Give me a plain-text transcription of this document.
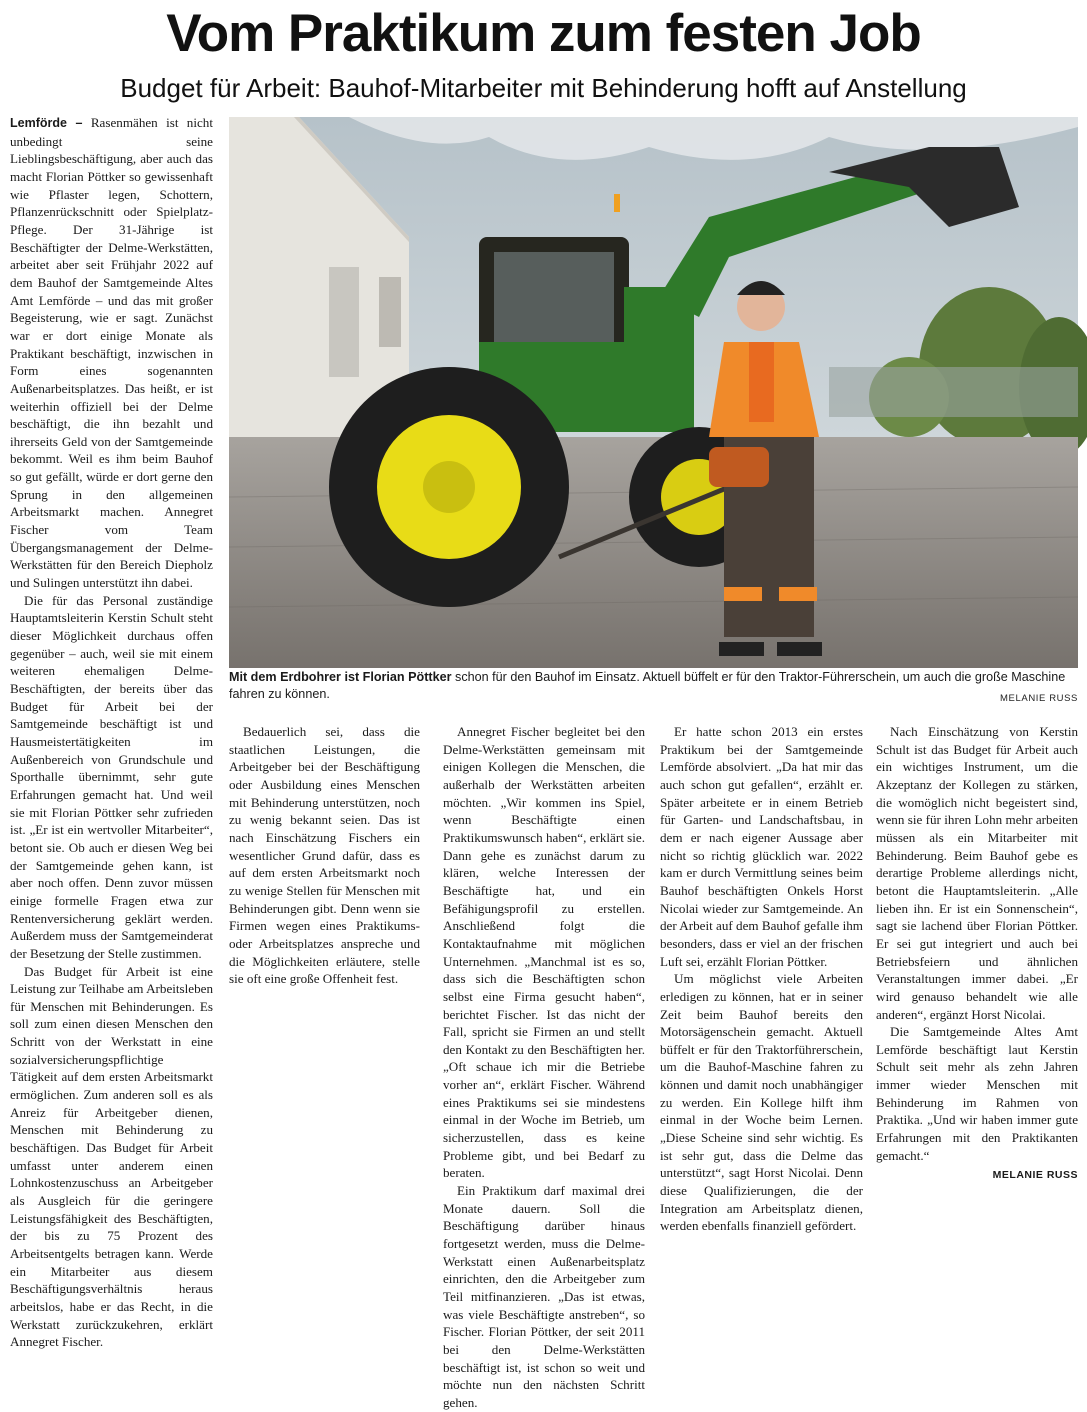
Vom Praktikum zum festen Job
Budget für Arbeit: Bauhof-Mitarbeiter mit Behinderung hofft auf Anstellung
Mit dem Erdbohrer ist Florian Pöttker schon für den Bauhof im Einsatz. Aktuell büffelt er für den Traktor-Führerschein, um auch die große Maschine fahren zu können.	MELANIE RUSS

Lemförde – Rasenmähen ist nicht unbedingt seine Lieblingsbeschäftigung, aber auch das macht Florian Pöttker so gewissenhaft wie Pflaster legen, Schottern, Pflanzenrückschnitt oder Spielplatz-Pflege. Der 31-Jährige ist Beschäftigter der Delme-Werkstätten, arbeitet aber seit Frühjahr 2022 auf dem Bauhof der Samtgemeinde Altes Amt Lemförde – und das mit großer Begeisterung, wie er sagt. Zunächst war er dort einige Monate als Praktikant beschäftigt, inzwischen in Form eines sogenannten Außenarbeitsplatzes. Das heißt, er ist weiterhin offiziell bei der Delme beschäftigt, die ihn bezahlt und ihrerseits Geld von der Samtgemeinde bekommt. Weil es ihm beim Bauhof so gut gefällt, würde er dort gerne den Sprung in den allgemeinen Arbeitsmarkt machen. Annegret Fischer vom Team Übergangsmanagement der Delme-Werkstätten für den Bereich Diepholz und Sulingen unterstützt ihn dabei.

Die für das Personal zuständige Hauptamtsleiterin Kerstin Schult steht dieser Möglichkeit durchaus offen gegenüber – auch, weil sie mit einem weiteren ehemaligen Delme-Beschäftigten, der bereits über das Budget für Arbeit bei der Samtgemeinde beschäftigt ist und Hausmeistertätigkeiten im Außenbereich von Grundschule und Sporthalle übernimmt, sehr gute Erfahrungen gemacht hat. Und weil sie mit Florian Pöttker sehr zufrieden ist. „Er ist ein wertvoller Mitarbeiter“, betont sie. Ob auch er diesen Weg bei der Samtgemeinde gehen kann, ist aber noch offen. Denn zuvor müssen einige formelle Fragen etwa zur Rentenversicherung geklärt werden. Außerdem muss der Samtgemeinderat der Besetzung der Stelle zustimmen.

Das Budget für Arbeit ist eine Leistung zur Teilhabe am Arbeitsleben für Menschen mit Behinderungen. Es soll zum einen diesen Menschen den Schritt von der Werkstatt in eine sozialversicherungspflichtige Tätigkeit auf dem ersten Arbeitsmarkt ermöglichen. Zum anderen soll es als Anreiz für Arbeitgeber dienen, Menschen mit Behinderung zu beschäftigen. Das Budget für Arbeit umfasst unter anderem einen Lohnkostenzuschuss an Arbeitgeber als Ausgleich für die geringere Leistungsfähigkeit des Beschäftigten, der bis zu 75 Prozent des Arbeitsentgelts betragen kann. Werde ein Mitarbeiter aus diesem Beschäftigungsverhältnis heraus arbeitslos, habe er das Recht, in die Werkstatt zurückzukehren, erklärt Annegret Fischer.

Bedauerlich sei, dass die staatlichen Leistungen, die Arbeitgeber bei der Beschäftigung oder Ausbildung eines Menschen mit Behinderung unterstützen, noch zu wenig bekannt seien. Das ist nach Einschätzung Fischers ein wesentlicher Grund dafür, dass es auf dem ersten Arbeitsmarkt noch zu wenige Stellen für Menschen mit Behinderungen gibt. Denn wenn sie Firmen wegen eines Praktikums- oder Arbeitsplatzes anspreche und die Möglichkeiten erläutere, stelle sie oft eine große Offenheit fest.

Annegret Fischer begleitet bei den Delme-Werkstätten gemeinsam mit einigen Kollegen die Menschen, die außerhalb der Werkstätten arbeiten möchten. „Wir kommen ins Spiel, wenn Beschäftigte einen Praktikumswunsch haben“, erklärt sie. Dann gehe es zunächst darum zu klären, welche Interessen der Beschäftigte hat, und ein Befähigungsprofil zu erstellen. Anschließend folgt die Kontaktaufnahme mit möglichen Unternehmen. „Manchmal ist es so, dass sich die Beschäftigten schon selbst eine Firma gesucht haben“, berichtet Fischer. Ist das nicht der Fall, spricht sie Firmen an und stellt den Kontakt zu den Beschäftigten her. „Oft schaue ich mir die Betriebe vorher an“, erklärt Fischer. Während eines Praktikums sei sie mindestens einmal in der Woche im Betrieb, um sicherzustellen, dass es keine Probleme gibt, und bei Bedarf zu beraten.

Ein Praktikum darf maximal drei Monate dauern. Soll die Beschäftigung darüber hinaus fortgesetzt werden, muss die Delme-Werkstatt einen Außenarbeitsplatz einrichten, den die Arbeitgeber zum Teil mitfinanzieren. „Das ist etwas, was viele Beschäftigte anstreben“, so Fischer. Florian Pöttker, der seit 2011 bei den Delme-Werkstätten beschäftigt ist, ist schon so weit und möchte nun den nächsten Schritt gehen.

Er hatte schon 2013 ein erstes Praktikum bei der Samtgemeinde Lemförde absolviert. „Da hat mir das auch schon gut gefallen“, erzählt er. Später arbeitete er in einem Betrieb für Garten- und Landschaftsbau, in dem er nach eigener Aussage aber nicht so richtig glücklich war. 2022 kam er durch Vermittlung seines beim Bauhof beschäftigten Onkels Horst Nicolai wieder zur Samtgemeinde. An der Arbeit auf dem Bauhof gefalle ihm besonders, dass er viel an der frischen Luft sei, erzählt Florian Pöttker.

Um möglichst viele Arbeiten erledigen zu können, hat er in seiner Zeit beim Bauhof bereits den Motorsägenschein gemacht. Aktuell büffelt er für den Traktorführerschein, um die Bauhof-Maschine fahren zu können und damit noch unabhängiger zu werden. Ein Kollege hilft ihm einmal in der Woche beim Lernen. „Diese Scheine sind sehr wichtig. Es ist sehr gut, dass die Delme das unterstützt“, sagt Horst Nicolai. Denn diese Qualifizierungen, die der Integration am Arbeitsplatz dienen, werden ebenfalls finanziell gefördert.

Nach Einschätzung von Kerstin Schult ist das Budget für Arbeit auch ein wichtiges Instrument, um die Akzeptanz der Kollegen zu stärken, die womöglich nicht begeistert sind, wenn sie für ihren Lohn mehr arbeiten müssen als ein Mitarbeiter mit Behinderung. Beim Bauhof gebe es derartige Probleme allerdings nicht, betont die Hauptamtsleiterin. „Alle lieben ihn. Er ist ein Sonnenschein“, sagt sie lachend über Florian Pöttker. Er sei gut integriert und auch bei Betriebsfeiern und ähnlichen Veranstaltungen immer dabei. „Er wird genauso behandelt wie alle anderen“, ergänzt Horst Nicolai.

Die Samtgemeinde Altes Amt Lemförde beschäftigt laut Kerstin Schult seit mehr als zehn Jahren immer wieder Menschen mit Behinderung im Rahmen von Praktika. „Und wir haben immer gute Erfahrungen mit den Praktikanten gemacht.“

MELANIE RUSS
